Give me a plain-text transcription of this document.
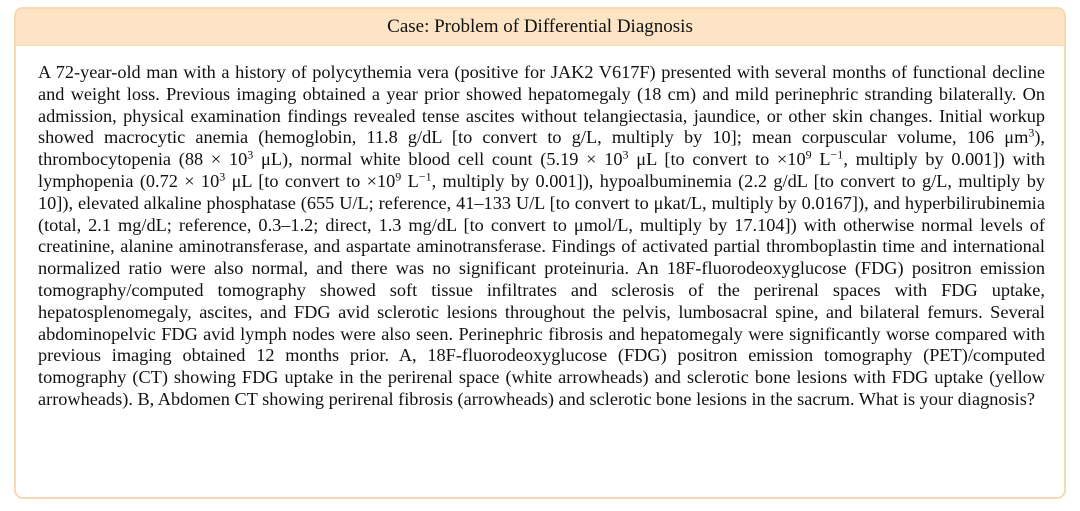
Case: Problem of Differential Diagnosis
A 72-year-old man with a history of polycythemia vera (positive for JAK2 V617F) presented with several months of functional decline and weight loss. Previous imaging obtained a year prior showed hepatomegaly (18 cm) and mild perinephric stranding bilaterally. On admission, physical examination findings revealed tense ascites without telangiectasia, jaundice, or other skin changes. Initial workup showed macrocytic anemia (hemoglobin, 11.8 g/dL [to convert to g/L, multiply by 10]; mean corpuscular volume, 106 $\mu m^3$), thrombocytopenia ($88 \times 10^3$ μL), normal white blood cell count ($5.19 \times 10^3$ μL [to convert to $\times 10^9$ $L^{-1}$, multiply by 0.001]) with lymphopenia ($0.72 \times 10^3$ μL [to convert to $\times 10^9$ $L^{-1}$, multiply by 0.001]), hypoalbuminemia (2.2 g/dL [to convert to g/L, multiply by 10]), elevated alkaline phosphatase (655 U/L; reference, 41–133 U/L [to convert to μkat/L, multiply by 0.0167]), and hyperbilirubinemia (total, 2.1 mg/dL; reference, 0.3–1.2; direct, 1.3 mg/dL [to convert to μmol/L, multiply by 17.104]) with otherwise normal levels of creatinine, alanine aminotransferase, and aspartate aminotransferase. Findings of activated partial thromboplastin time and international normalized ratio were also normal, and there was no significant proteinuria. An 18F-fluorodeoxyglucose (FDG) positron emission tomography/computed tomography showed soft tissue infiltrates and sclerosis of the perirenal spaces with FDG uptake, hepatosplenomegaly, ascites, and FDG avid sclerotic lesions throughout the pelvis, lumbosacral spine, and bilateral femurs. Several abdominopelvic FDG avid lymph nodes were also seen. Perinephric fibrosis and hepatomegaly were significantly worse compared with previous imaging obtained 12 months prior. A, 18F-fluorodeoxyglucose (FDG) positron emission tomography (PET)/computed tomography (CT) showing FDG uptake in the perirenal space (white arrowheads) and sclerotic bone lesions with FDG uptake (yellow arrowheads). B, Abdomen CT showing perirenal fibrosis (arrowheads) and sclerotic bone lesions in the sacrum. What is your diagnosis?
